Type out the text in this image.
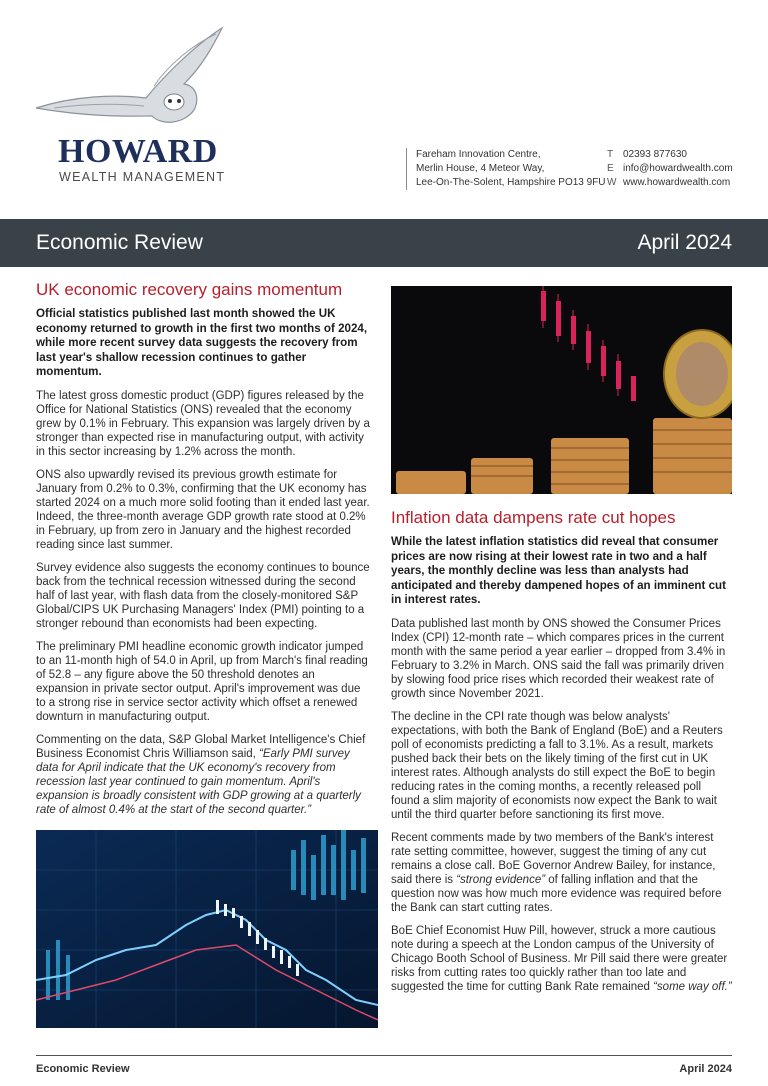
HOWARD
WEALTH MANAGEMENT
Fareham Innovation Centre,
Merlin House, 4 Meteor Way,
Lee-On-The-Solent, Hampshire PO13 9FU
T 02393 877630
E info@howardwealth.com
W www.howardwealth.com
Economic Review	April 2024
UK economic recovery gains momentum

Official statistics published last month showed the UK economy returned to growth in the first two months of 2024, while more recent survey data suggests the recovery from last year's shallow recession continues to gather momentum.

The latest gross domestic product (GDP) figures released by the Office for National Statistics (ONS) revealed that the economy grew by 0.1% in February. This expansion was largely driven by a stronger than expected rise in manufacturing output, with activity in this sector increasing by 1.2% across the month.

ONS also upwardly revised its previous growth estimate for January from 0.2% to 0.3%, confirming that the UK economy has started 2024 on a much more solid footing than it ended last year. Indeed, the three-month average GDP growth rate stood at 0.2% in February, up from zero in January and the highest recorded reading since last summer.

Survey evidence also suggests the economy continues to bounce back from the technical recession witnessed during the second half of last year, with flash data from the closely-monitored S&P Global/CIPS UK Purchasing Managers' Index (PMI) pointing to a stronger rebound than economists had been expecting.

The preliminary PMI headline economic growth indicator jumped to an 11-month high of 54.0 in April, up from March's final reading of 52.8 – any figure above the 50 threshold denotes an expansion in private sector output. April's improvement was due to a strong rise in service sector activity which offset a renewed downturn in manufacturing output.

Commenting on the data, S&P Global Market Intelligence's Chief Business Economist Chris Williamson said, “Early PMI survey data for April indicate that the UK economy's recovery from recession last year continued to gain momentum. April's expansion is broadly consistent with GDP growing at a quarterly rate of almost 0.4% at the start of the second quarter.”

Inflation data dampens rate cut hopes

While the latest inflation statistics did reveal that consumer prices are now rising at their lowest rate in two and a half years, the monthly decline was less than analysts had anticipated and thereby dampened hopes of an imminent cut in interest rates.

Data published last month by ONS showed the Consumer Prices Index (CPI) 12-month rate – which compares prices in the current month with the same period a year earlier – dropped from 3.4% in February to 3.2% in March. ONS said the fall was primarily driven by slowing food price rises which recorded their weakest rate of growth since November 2021.

The decline in the CPI rate though was below analysts' expectations, with both the Bank of England (BoE) and a Reuters poll of economists predicting a fall to 3.1%. As a result, markets pushed back their bets on the likely timing of the first cut in UK interest rates. Although analysts do still expect the BoE to begin reducing rates in the coming months, a recently released poll found a slim majority of economists now expect the Bank to wait until the third quarter before sanctioning its first move.

Recent comments made by two members of the Bank's interest rate setting committee, however, suggest the timing of any cut remains a close call. BoE Governor Andrew Bailey, for instance, said there is “strong evidence” of falling inflation and that the question now was how much more evidence was required before the Bank can start cutting rates.

BoE Chief Economist Huw Pill, however, struck a more cautious note during a speech at the London campus of the University of Chicago Booth School of Business. Mr Pill said there were greater risks from cutting rates too quickly rather than too late and suggested the time for cutting Bank Rate remained “some way off.”

Economic Review	April 2024
